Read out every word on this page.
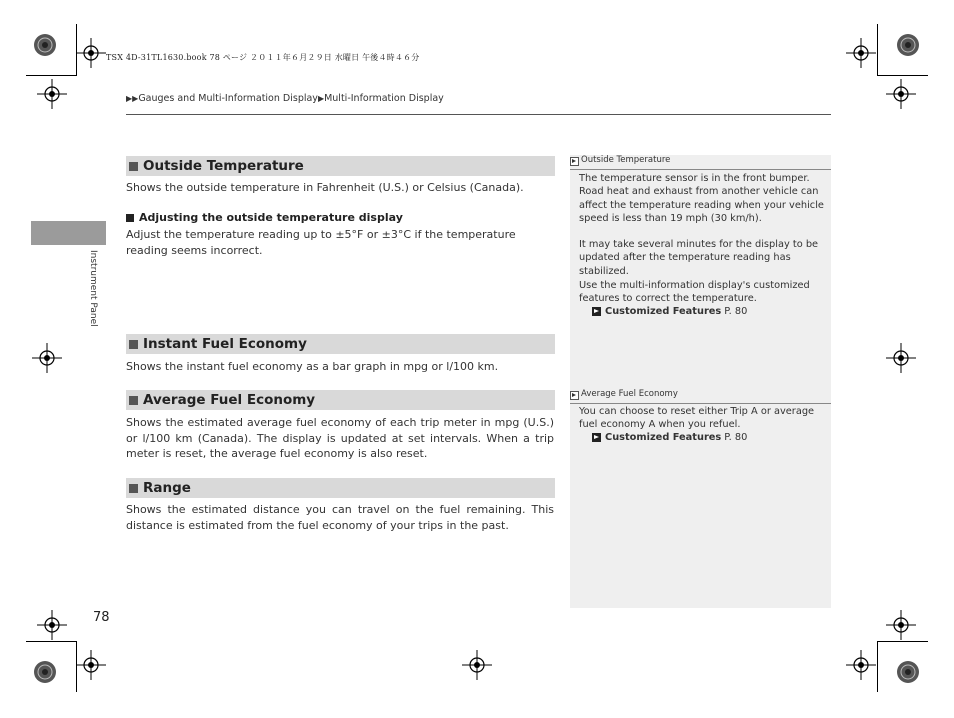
TSX 4D-31TL1630.book 78 ページ ２０１１年６月２９日 水曜日 午後４時４６分
▶▶Gauges and Multi-Information Display▶Multi-Information Display
Instrument Panel
Outside Temperature

Shows the outside temperature in Fahrenheit (U.S.) or Celsius (Canada).

Adjusting the outside temperature display

Adjust the temperature reading up to ±5°F or ±3°C if the temperature reading seems incorrect.

Instant Fuel Economy

Shows the instant fuel economy as a bar graph in mpg or l/100 km.

Average Fuel Economy

Shows the estimated average fuel economy of each trip meter in mpg (U.S.) or l/100 km (Canada). The display is updated at set intervals. When a trip meter is reset, the average fuel economy is also reset.

Range

Shows the estimated distance you can travel on the fuel remaining. This distance is estimated from the fuel economy of your trips in the past.

Outside Temperature

The temperature sensor is in the front bumper. Road heat and exhaust from another vehicle can affect the temperature reading when your vehicle speed is less than 19 mph (30 km/h).

It may take several minutes for the display to be updated after the temperature reading has stabilized.

Use the multi-information display's customized features to correct the temperature.

Customized Features P. 80
Average Fuel Economy

You can choose to reset either Trip A or average fuel economy A when you refuel.

Customized Features P. 80
78
